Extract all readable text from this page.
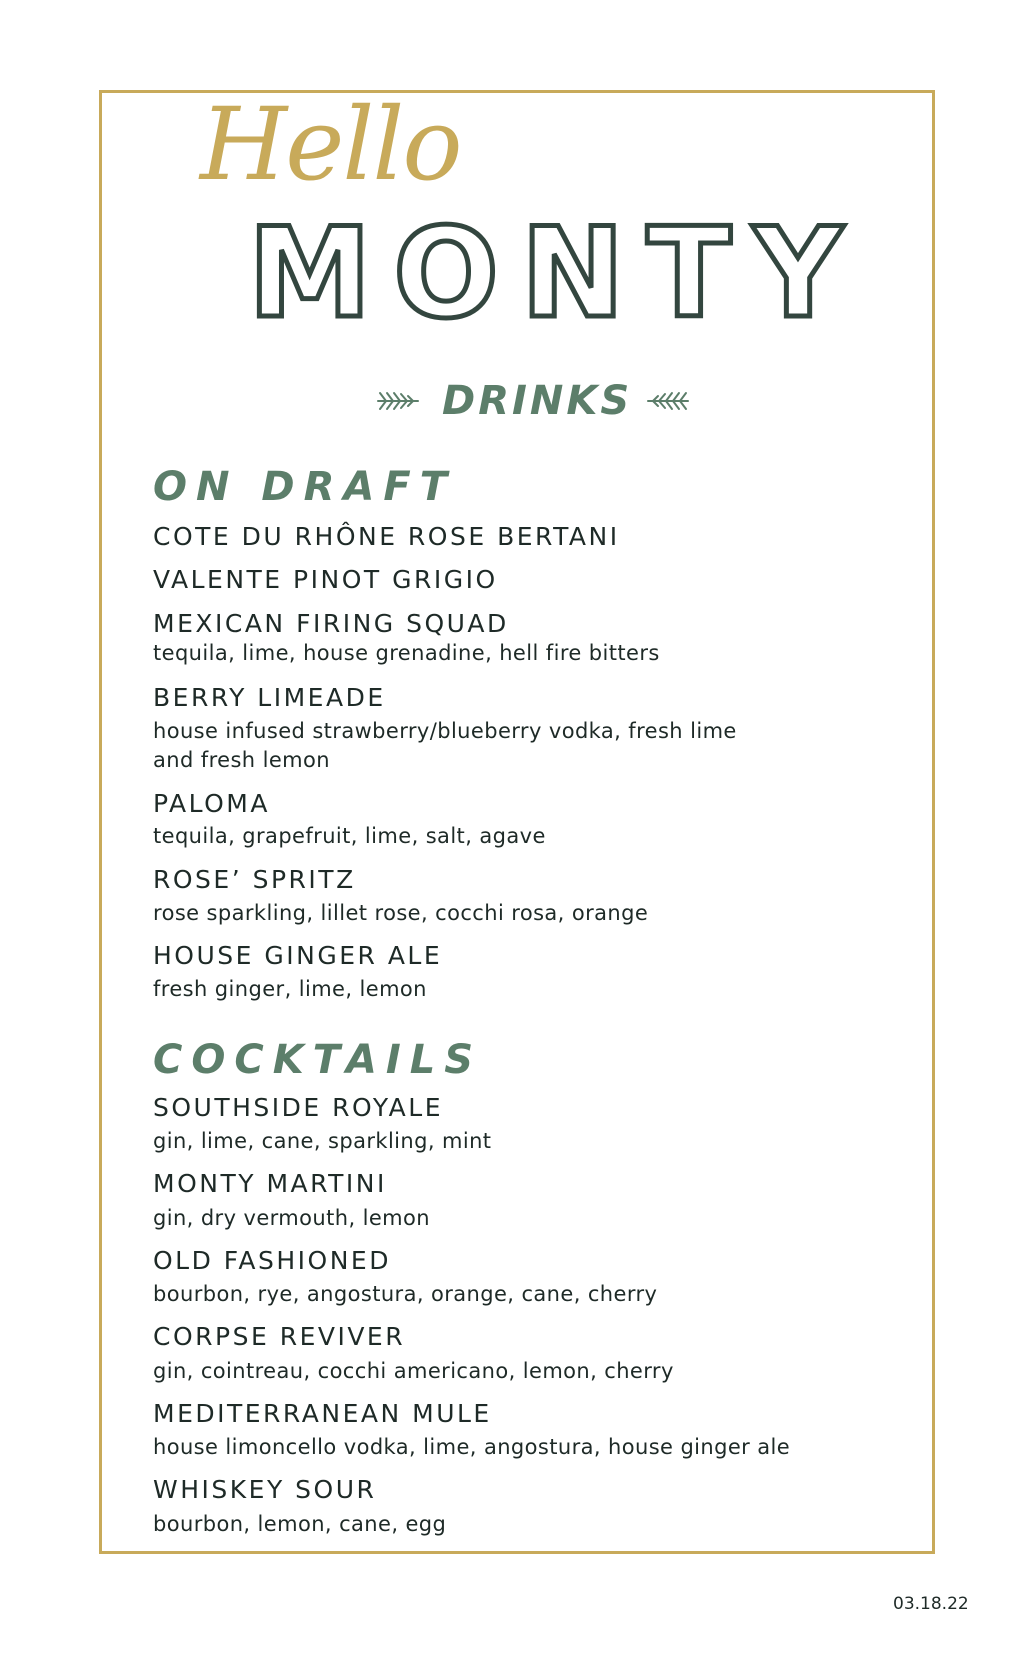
Hello
MONTY
DRINKS
ON DRAFT
COTE DU RHÔNE ROSE BERTANI
VALENTE PINOT GRIGIO
MEXICAN FIRING SQUAD
tequila, lime, house grenadine, hell fire bitters
BERRY LIMEADE
house infused strawberry/blueberry vodka, fresh lime
and fresh lemon
PALOMA
tequila, grapefruit, lime, salt, agave
ROSE’ SPRITZ
rose sparkling, lillet rose, cocchi rosa, orange
HOUSE GINGER ALE
fresh ginger, lime, lemon
COCKTAILS
SOUTHSIDE ROYALE
gin, lime, cane, sparkling, mint
MONTY MARTINI
gin, dry vermouth, lemon
OLD FASHIONED
bourbon, rye, angostura, orange, cane, cherry
CORPSE REVIVER
gin, cointreau, cocchi americano, lemon, cherry
MEDITERRANEAN MULE
house limoncello vodka, lime, angostura, house ginger ale
WHISKEY SOUR
bourbon, lemon, cane, egg
03.18.22
